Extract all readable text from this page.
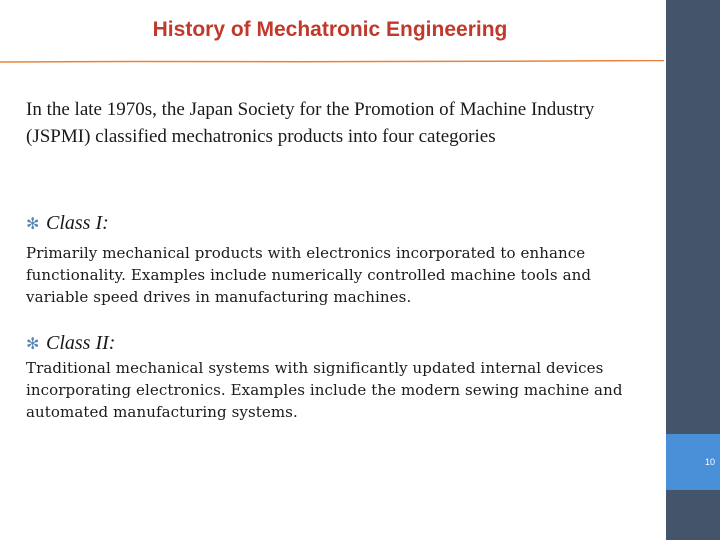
History of Mechatronic Engineering
10
In the late 1970s, the Japan Society for the Promotion of Machine Industry (JSPMI) classified mechatronics products into four categories
✻ Class I:
Primarily mechanical products with electronics incorporated to enhance functionality. Examples include numerically controlled machine tools and variable speed drives in manufacturing machines.
✻ Class II:
Traditional mechanical systems with significantly updated internal devices incorporating electronics. Examples include the modern sewing machine and automated manufacturing systems.
